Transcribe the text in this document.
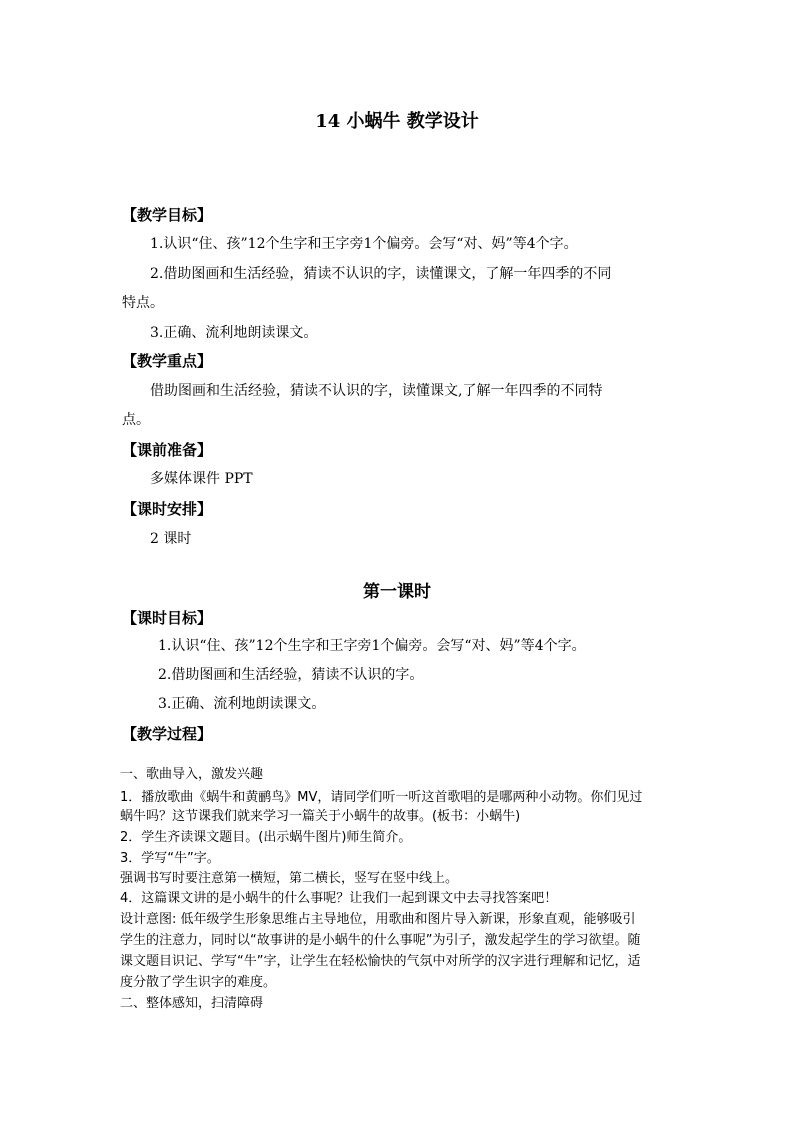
14 小蜗牛 教学设计
【教学目标】
1.认识“住、孩”12个生字和王字旁1个偏旁。会写“对、妈”等4个字。
2.借助图画和生活经验，猜读不认识的字，读懂课文，了解一年四季的不同
特点。
3.正确、流利地朗读课文。
【教学重点】
借助图画和生活经验，猜读不认识的字，读懂课文,了解一年四季的不同特
点。
【课前准备】
多媒体课件 PPT
【课时安排】
2 课时
第一课时
【课时目标】
1.认识“住、孩”12个生字和王字旁1个偏旁。会写“对、妈”等4个字。
2.借助图画和生活经验，猜读不认识的字。
3.正确、流利地朗读课文。
【教学过程】
一、歌曲导入，激发兴趣
1．播放歌曲《蜗牛和黄鹂鸟》MV，请同学们听一听这首歌唱的是哪两种小动物。你们见过
蜗牛吗？这节课我们就来学习一篇关于小蜗牛的故事。(板书：小蜗牛)
2．学生齐读课文题目。(出示蜗牛图片)师生简介。
3．学写“牛”字。
强调书写时要注意第一横短，第二横长，竖写在竖中线上。
4．这篇课文讲的是小蜗牛的什么事呢？让我们一起到课文中去寻找答案吧！
设计意图: 低年级学生形象思维占主导地位，用歌曲和图片导入新课，形象直观，能够吸引
学生的注意力，同时以“故事讲的是小蜗牛的什么事呢”为引子，激发起学生的学习欲望。随
课文题目识记、学写“牛”字，让学生在轻松愉快的气氛中对所学的汉字进行理解和记忆，适
度分散了学生识字的难度。
二、整体感知，扫清障碍
